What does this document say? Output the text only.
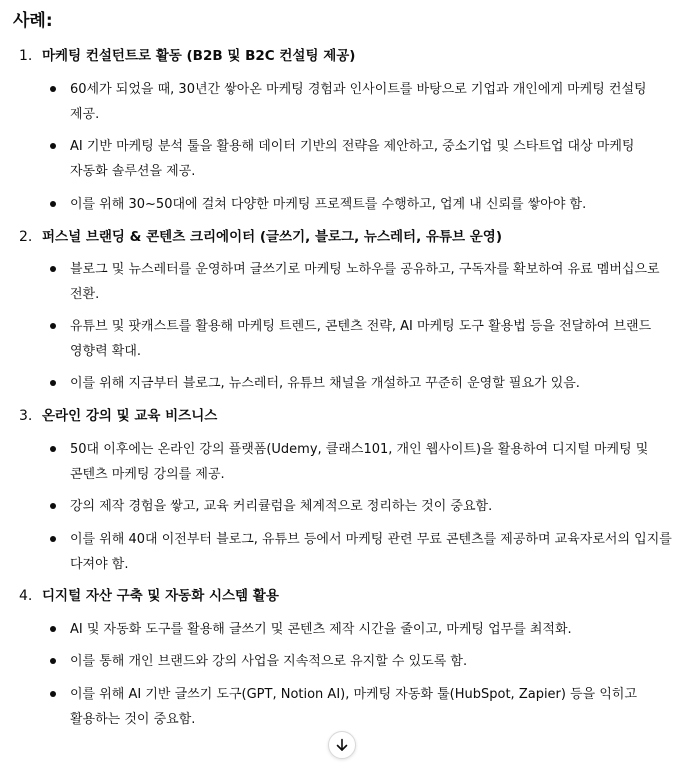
사례:
1. 마케팅 컨설턴트로 활동 (B2B 및 B2C 컨설팅 제공)
60세가 되었을 때, 30년간 쌓아온 마케팅 경험과 인사이트를 바탕으로 기업과 개인에게 마케팅 컨설팅 제공.
AI 기반 마케팅 분석 툴을 활용해 데이터 기반의 전략을 제안하고, 중소기업 및 스타트업 대상 마케팅 자동화 솔루션을 제공.
이를 위해 30~50대에 걸쳐 다양한 마케팅 프로젝트를 수행하고, 업계 내 신뢰를 쌓아야 함.
2. 퍼스널 브랜딩 & 콘텐츠 크리에이터 (글쓰기, 블로그, 뉴스레터, 유튜브 운영)
블로그 및 뉴스레터를 운영하며 글쓰기로 마케팅 노하우를 공유하고, 구독자를 확보하여 유료 멤버십으로 전환.
유튜브 및 팟캐스트를 활용해 마케팅 트렌드, 콘텐츠 전략, AI 마케팅 도구 활용법 등을 전달하여 브랜드 영향력 확대.
이를 위해 지금부터 블로그, 뉴스레터, 유튜브 채널을 개설하고 꾸준히 운영할 필요가 있음.
3. 온라인 강의 및 교육 비즈니스
50대 이후에는 온라인 강의 플랫폼(Udemy, 클래스101, 개인 웹사이트)을 활용하여 디지털 마케팅 및 콘텐츠 마케팅 강의를 제공.
강의 제작 경험을 쌓고, 교육 커리큘럼을 체계적으로 정리하는 것이 중요함.
이를 위해 40대 이전부터 블로그, 유튜브 등에서 마케팅 관련 무료 콘텐츠를 제공하며 교육자로서의 입지를 다져야 함.
4. 디지털 자산 구축 및 자동화 시스템 활용
AI 및 자동화 도구를 활용해 글쓰기 및 콘텐츠 제작 시간을 줄이고, 마케팅 업무를 최적화.
이를 통해 개인 브랜드와 강의 사업을 지속적으로 유지할 수 있도록 함.
이를 위해 AI 기반 글쓰기 도구(GPT, Notion AI), 마케팅 자동화 툴(HubSpot, Zapier) 등을 익히고 활용하는 것이 중요함.
